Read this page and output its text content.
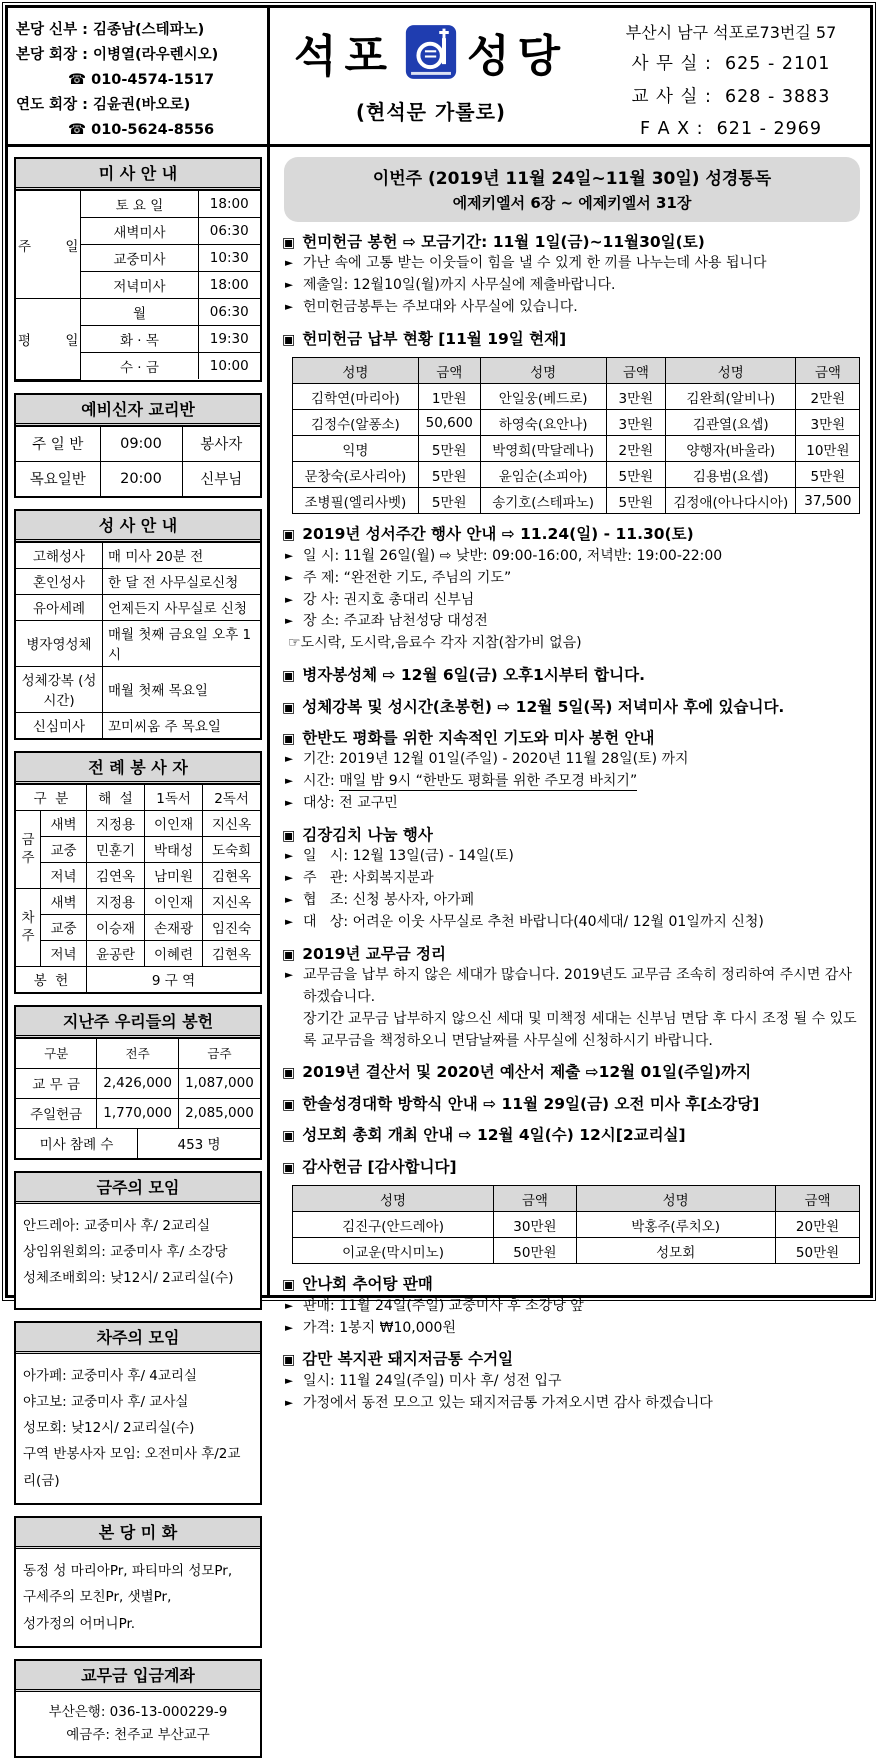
본당 신부 : 김종남(스테파노)
본당 회장 : 이병열(라우렌시오)
☎ 010-4574-1517
연도 회장 : 김윤권(바오로)
☎ 010-5624-8556
석포 성당
(현석문 가롤로)
부산시 남구 석포로73번길 57
사 무 실 :  625 - 2101
교 사 실 :  628 - 3883
F A X :  621 - 2969
미 사 안 내
주        일	토 요 일	18:00
	새벽미사	06:30
	교중미사	10:30
	저녁미사	18:00
평        일	월	06:30
	화 · 목	19:30
	수 · 금	10:00
예비신자 교리반
주 일 반	09:00	봉사자
목요일반	20:00	신부님
성 사 안 내
고해성사	매 미사 20분 전
혼인성사	한 달 전 사무실로신청
유아세례	언제든지 사무실로 신청
병자영성체	매월 첫째 금요일 오후 1시
성체강복 (성시간)	매월 첫째 목요일
신심미사	꼬미씨움 주 목요일
전 례 봉 사 자
구  분		해  설	1독서	2독서
금주	새벽	지정용	이인재	지신옥
	교중	민훈기	박태성	도숙희
	저녁	김연옥	남미원	김현옥
차주	새벽	지정용	이인재	지신옥
	교중	이승재	손재광	임진숙
	저녁	윤공란	이혜련	김현옥
봉  헌		9 구 역		
지난주 우리들의 봉헌
구분	전주		금주
교 무 금	2,426,000		1,087,000
주일헌금	1,770,000		2,085,000
미사 참례 수		453 명	
금주의 모임
안드레아: 교중미사 후/ 2교리실
상임위원회의: 교중미사 후/ 소강당
성체조배회의: 낮12시/ 2교리실(수)
차주의 모임
아가페: 교중미사 후/ 4교리실
야고보: 교중미사 후/ 교사실
성모회: 낮12시/ 2교리실(수)
구역 반봉사자 모임: 오전미사 후/2교리(금)
본 당 미 화
동정 성 마리아Pr, 파티마의 성모Pr,
구세주의 모친Pr, 샛별Pr,
성가정의 어머니Pr.
교무금 입금계좌
부산은행: 036-13-000229-9
예금주: 천주교 부산교구
이번주 (2019년 11월 24일~11월 30일) 성경통독
에제키엘서 6장 ~ 에제키엘서 31장
▣ 헌미헌금 봉헌 ⇨ 모금기간: 11월 1일(금)~11월30일(토)
► 가난 속에 고통 받는 이웃들이 힘을 낼 수 있게 한 끼를 나누는데 사용 됩니다
► 제출일: 12월10일(월)까지 사무실에 제출바랍니다.
► 헌미헌금봉투는 주보대와 사무실에 있습니다.
▣ 헌미헌금 납부 현황 [11월 19일 현재]
성명	금액	성명	금액	성명	금액
김학연(마리아)	1만원	안일웅(베드로)	3만원	김완희(알비나)	2만원
김정수(알퐁소)	50,600	하영숙(요안나)	3만원	김관열(요셉)	3만원
익명	5만원	박영희(막달레나)	2만원	양행자(바울라)	10만원
문창숙(로사리아)	5만원	윤임순(소피아)	5만원	김용범(요셉)	5만원
조병필(엘리사벳)	5만원	송기호(스테파노)	5만원	김정애(아나다시아)	37,500
▣ 2019년 성서주간 행사 안내 ⇨ 11.24(일) - 11.30(토)
► 일 시: 11월 26일(월) ⇨ 낮반: 09:00-16:00, 저녁반: 19:00-22:00
► 주 제: “완전한 기도, 주님의 기도”
► 강 사: 권지호 총대리 신부님
► 장 소: 주교좌 남천성당 대성전
☞도시락, 도시락,음료수 각자 지참(참가비 없음)
▣ 병자봉성체 ⇨ 12월 6일(금) 오후1시부터 합니다.
▣ 성체강복 및 성시간(초봉헌) ⇨ 12월 5일(목) 저녁미사 후에 있습니다.
▣ 한반도 평화를 위한 지속적인 기도와 미사 봉헌 안내
► 기간: 2019년 12월 01일(주일) - 2020년 11월 28일(토) 까지
► 시간: 매일 밤 9시 “한반도 평화를 위한 주모경 바치기”
► 대상: 전 교구민
▣ 김장김치 나눔 행사
► 일   시: 12월 13일(금) - 14일(토)
► 주   관: 사회복지분과
► 협   조: 신청 봉사자, 아가페
► 대   상: 어려운 이웃 사무실로 추천 바랍니다(40세대/ 12월 01일까지 신청)
▣ 2019년 교무금 정리
► 교무금을 납부 하지 않은 세대가 많습니다. 2019년도 교무금 조속히 정리하여 주시면 감사하겠습니다.
장기간 교무금 납부하지 않으신 세대 및 미책정 세대는 신부님 면담 후 다시 조정 될 수 있도록 교무금을 책정하오니 면담날짜를 사무실에 신청하시기 바랍니다.
▣ 2019년 결산서 및 2020년 예산서 제출 ⇨12월 01일(주일)까지
▣ 한솔성경대학 방학식 안내 ⇨ 11월 29일(금) 오전 미사 후[소강당]
▣ 성모회 총회 개최 안내 ⇨ 12월 4일(수) 12시[2교리실]
▣ 감사헌금 [감사합니다]
성명	금액	성명	금액
김진구(안드레아)	30만원	박홍주(루치오)	20만원
이교운(막시미노)	50만원	성모회	50만원
▣ 안나회 추어탕 판매
► 판매: 11월 24일(주일) 교중미사 후 소강당 앞
► 가격: 1봉지 ₩10,000원
▣ 감만 복지관 돼지저금통 수거일
► 일시: 11월 24일(주일) 미사 후/ 성전 입구
► 가정에서 동전 모으고 있는 돼지저금통 가져오시면 감사 하겠습니다
